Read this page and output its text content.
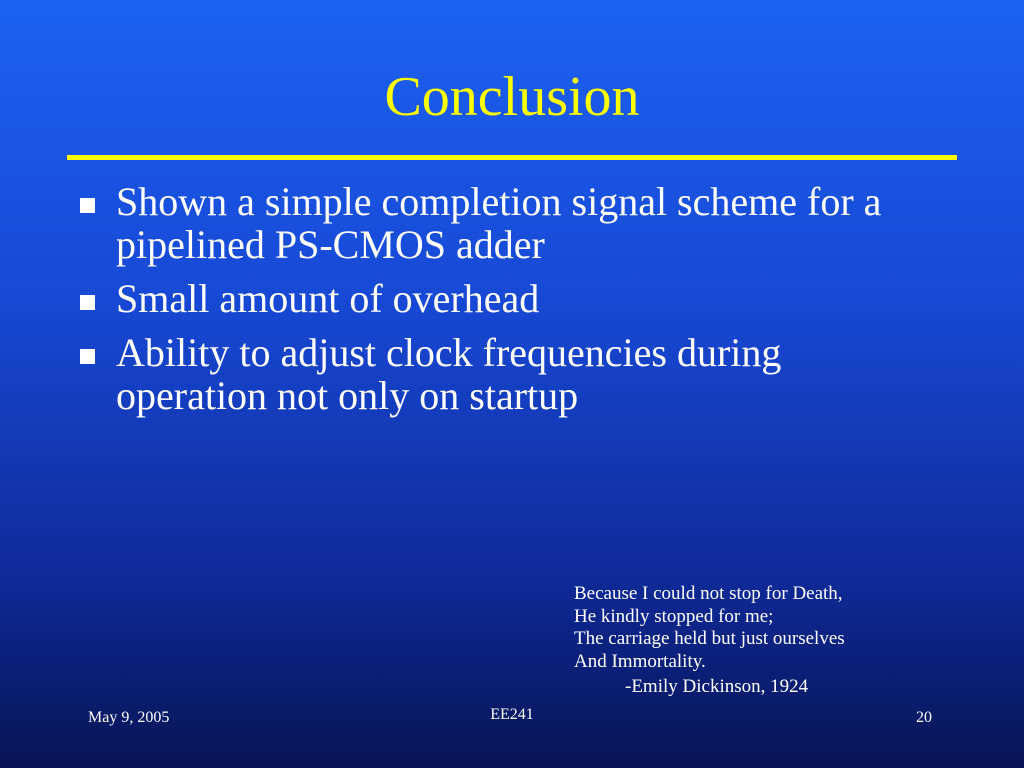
Conclusion
Shown a simple completion signal scheme for a pipelined PS-CMOS adder
Small amount of overhead
Ability to adjust clock frequencies during operation not only on startup
Because I could not stop for Death,
He kindly stopped for me;
The carriage held but just ourselves
And Immortality.
-Emily Dickinson, 1924
May 9, 2005	EE241	20
